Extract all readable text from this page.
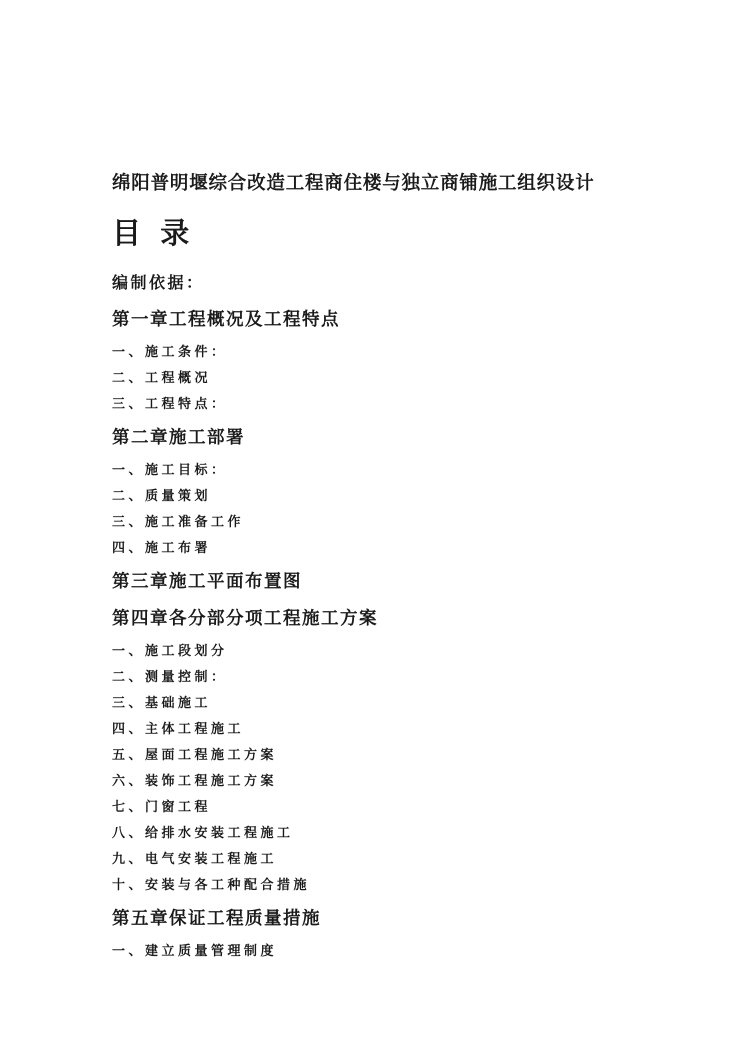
绵阳普明堰综合改造工程商住楼与独立商铺施工组织设计
目 录
编制依据：
第一章工程概况及工程特点
一、施工条件：
二、工程概况
三、工程特点：
第二章施工部署
一、施工目标：
二、质量策划
三、施工准备工作
四、施工布署
第三章施工平面布置图
第四章各分部分项工程施工方案
一、施工段划分
二、测量控制：
三、基础施工
四、主体工程施工
五、屋面工程施工方案
六、装饰工程施工方案
七、门窗工程
八、给排水安装工程施工
九、电气安装工程施工
十、安装与各工种配合措施
第五章保证工程质量措施
一、建立质量管理制度
